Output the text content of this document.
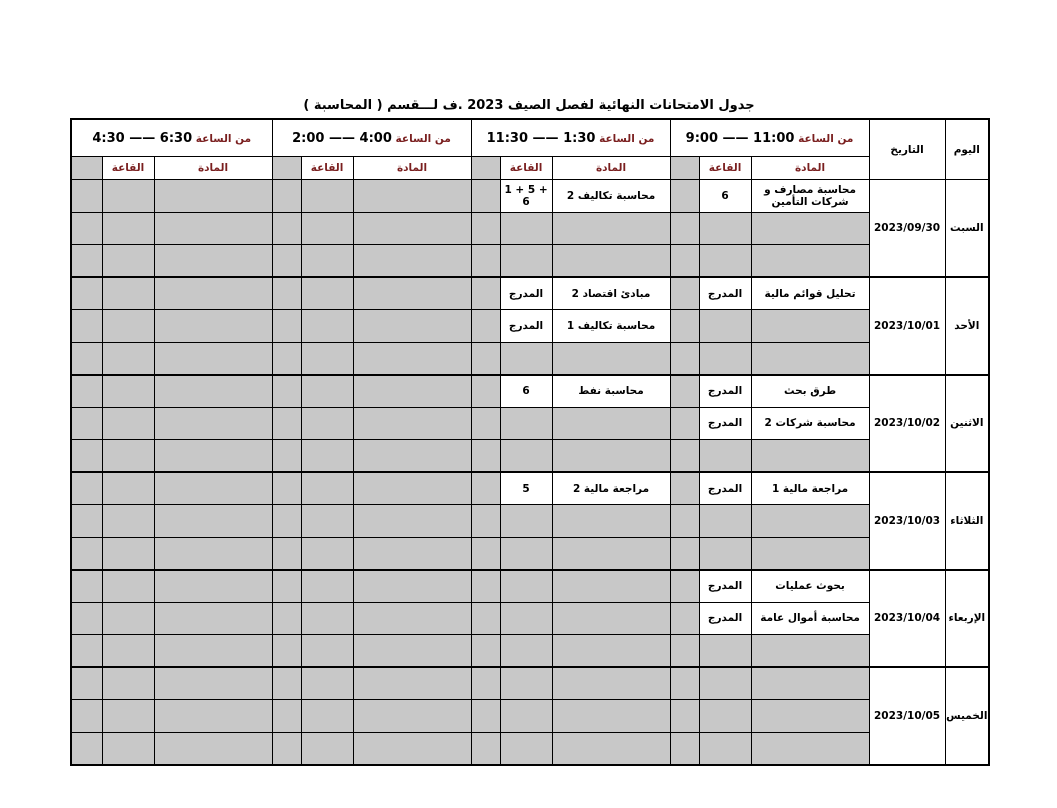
جدول الامتحانات النهائية لفصل الصيف 2023 .ف لـــقسم ( المحاسبة )
اليوم	التاريخ	من الساعة 9:00 —— 11:00			من الساعة 11:30 —— 1:30			من الساعة 2:00 —— 4:00			من الساعة 4:30 —— 6:30		
		المادة	القاعة		المادة	القاعة		المادة	القاعة		المادة	القاعة	
السبت	2023/09/30	محاسبة مصارف و شركات التأمين	6		محاسبة تكاليف 2	1 + 5 + 6							

الأحد	2023/10/01	تحليل قوائم مالية	المدرج		مبادئ اقتصاد 2	المدرج							
					محاسبة تكاليف 1	المدرج							

الاثنين	2023/10/02	طرق بحث	المدرج		محاسبة نفط	6							
		محاسبة شركات 2	المدرج										

الثلاثاء	2023/10/03	مراجعة مالية 1	المدرج		مراجعة مالية 2	5							

الإربعاء	2023/10/04	بحوث عمليات	المدرج										
		محاسبة أموال عامة	المدرج										

الخميس	2023/10/05												
